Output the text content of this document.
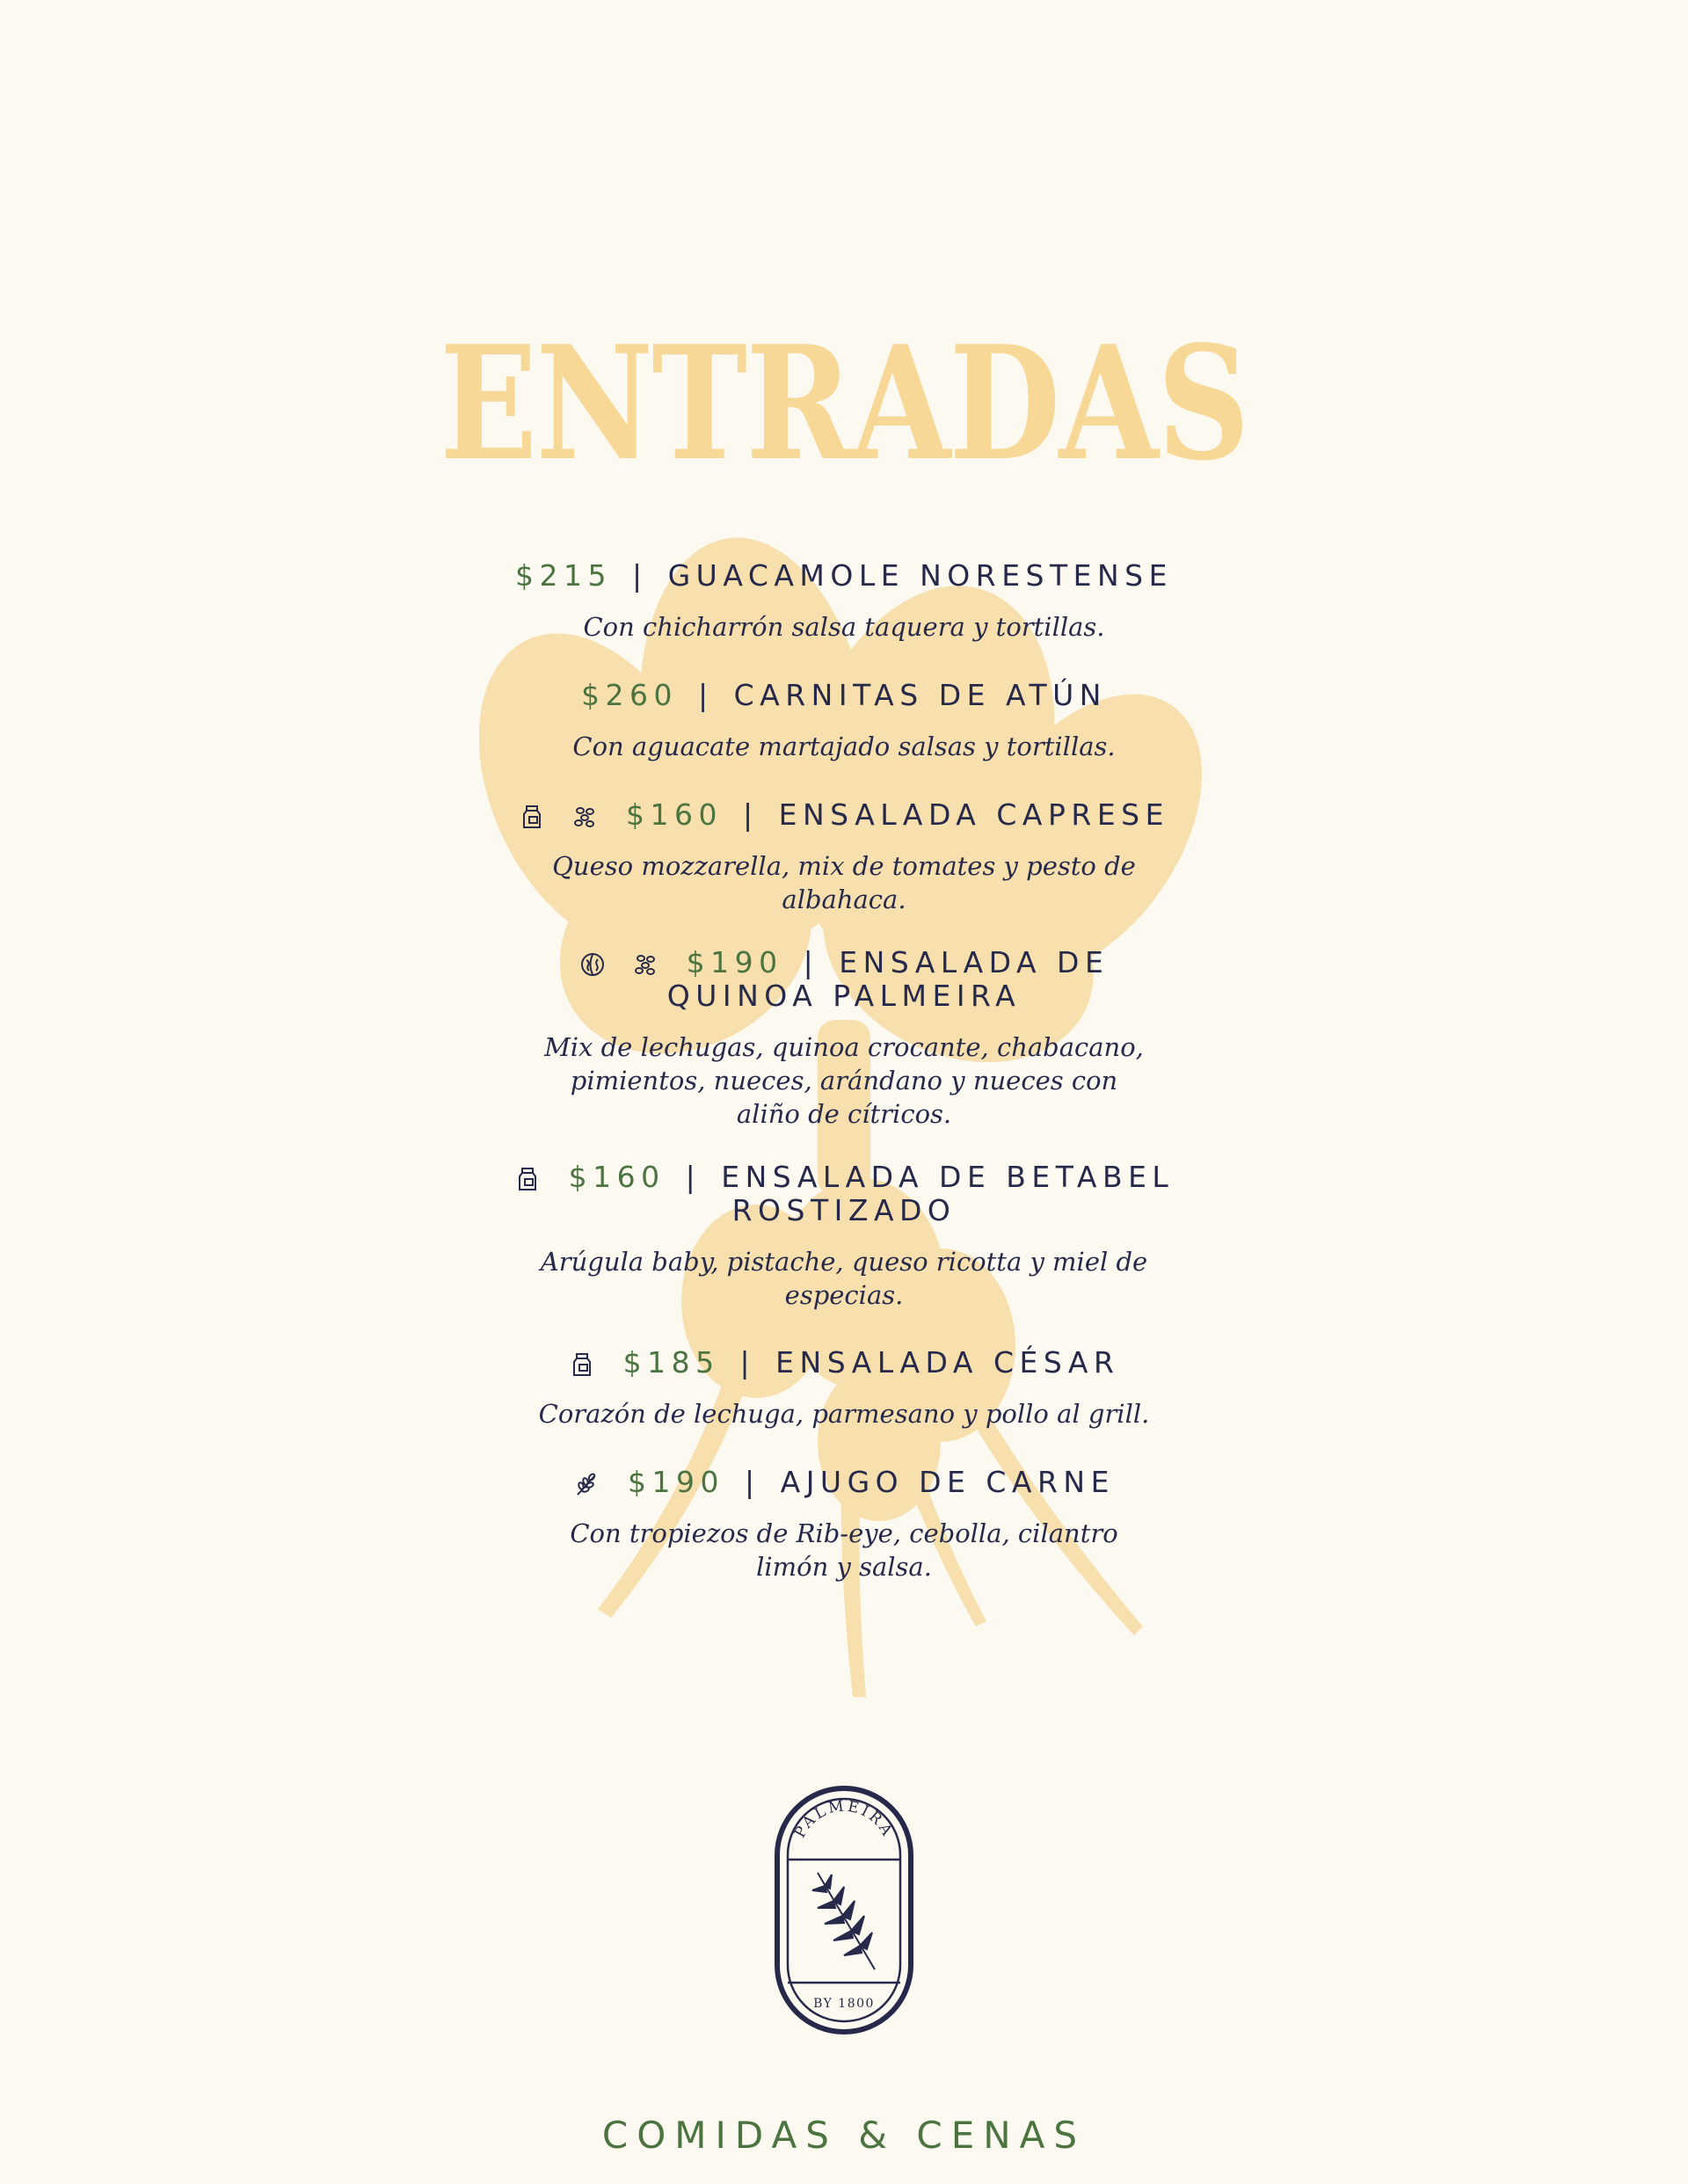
ENTRADAS
$215 | GUACAMOLE NORESTENSE
Con chicharrón salsa taquera y tortillas.
$260 | CARNITAS DE ATÚN
Con aguacate martajado salsas y tortillas.
$160 | ENSALADA CAPRESE
Queso mozzarella, mix de tomates y pesto de
albahaca.
$190 | ENSALADA DE
QUINOA PALMEIRA
Mix de lechugas, quinoa crocante, chabacano,
pimientos, nueces, arándano y nueces con
aliño de cítricos.
$160 | ENSALADA DE BETABEL
ROSTIZADO
Arúgula baby, pistache, queso ricotta y miel de
especias.
$185 | ENSALADA CÉSAR
Corazón de lechuga, parmesano y pollo al grill.
$190 | AJUGO DE CARNE
Con tropiezos de Rib-eye, cebolla, cilantro
limón y salsa.
PALMEIRA
BY 1800
COMIDAS & CENAS
